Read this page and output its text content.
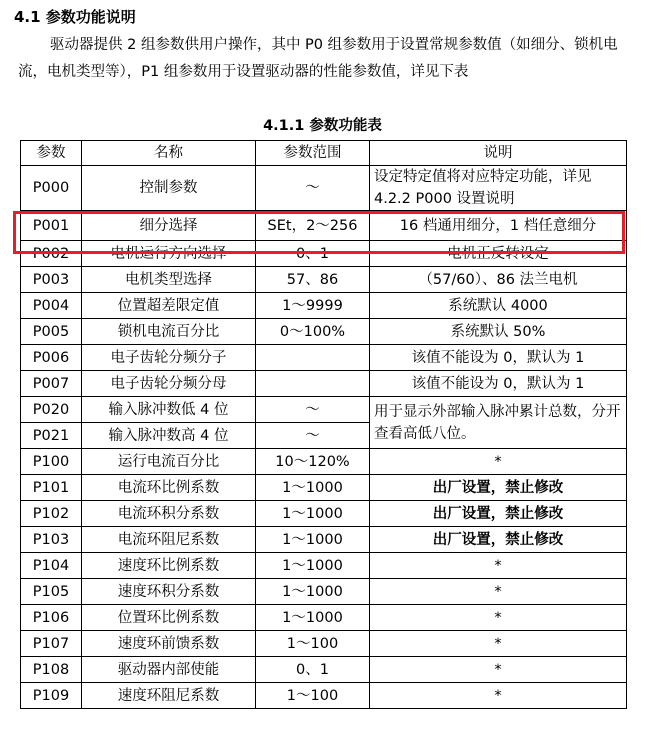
4.1 参数功能说明
驱动器提供 2 组参数供用户操作，其中 P0 组参数用于设置常规参数值（如细分、锁机电流，电机类型等），P1 组参数用于设置驱动器的性能参数值，详见下表
4.1.1 参数功能表
参数	名称	参数范围	说明
P000	控制参数	～	设定特定值将对应特定功能，详见 4.2.2 P000 设置说明
P001	细分选择	SEt，2～256	16 档通用细分，1 档任意细分
P002	电机运行方向选择	0、1	电机正反转设定
P003	电机类型选择	57、86	（57/60）、86 法兰电机
P004	位置超差限定值	1～9999	系统默认 4000
P005	锁机电流百分比	0～100%	系统默认 50%
P006	电子齿轮分频分子		该值不能设为 0，默认为 1
P007	电子齿轮分频分母		该值不能设为 0，默认为 1
P020	输入脉冲数低 4 位	～	用于显示外部输入脉冲累计总数，分开查看高低八位。
P021	输入脉冲数高 4 位	～	
P100	运行电流百分比	10～120%	*
P101	电流环比例系数	1～1000	出厂设置，禁止修改
P102	电流环积分系数	1～1000	出厂设置，禁止修改
P103	电流环阻尼系数	1～1000	出厂设置，禁止修改
P104	速度环比例系数	1～1000	*
P105	速度环积分系数	1～1000	*
P106	位置环比例系数	1～1000	*
P107	速度环前馈系数	1～100	*
P108	驱动器内部使能	0、1	*
P109	速度环阻尼系数	1～100	*
